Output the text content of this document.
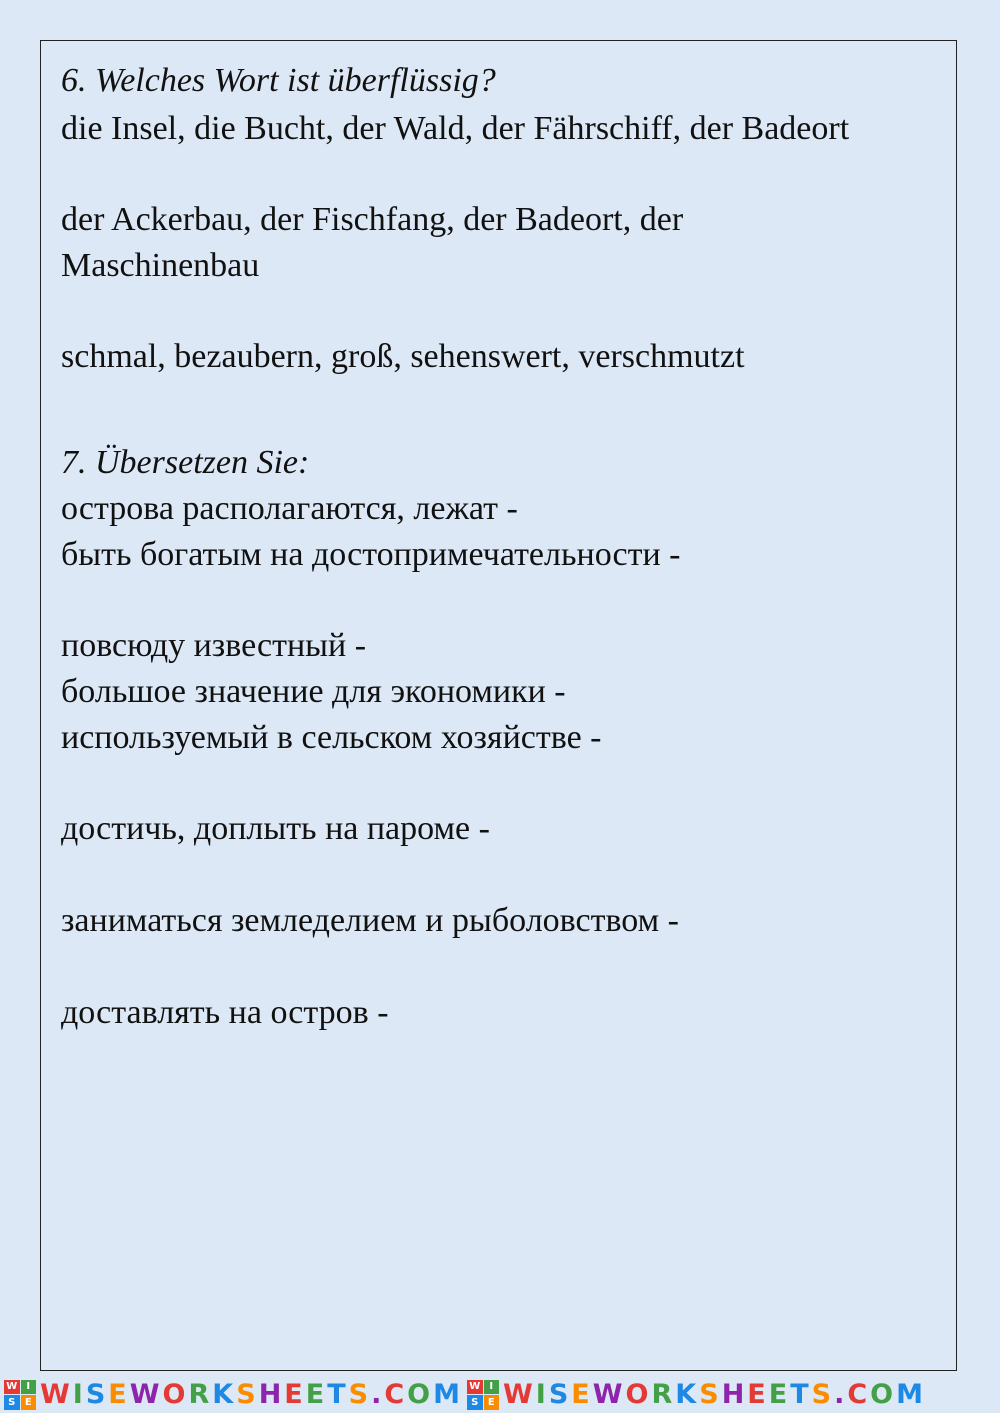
6. Welches Wort ist überflüssig?

die Insel, die Bucht, der Wald, der Fährschiff, der Badeort

der Ackerbau, der Fischfang, der Badeort, der

Maschinenbau

schmal, bezaubern, groß, sehenswert, verschmutzt

7. Übersetzen Sie:

острова располагаются, лежат -

быть богатым на достопримечательности -

повсюду известный -

большое значение для экономики -

используемый в сельском хозяйстве -

достичь, доплыть на пароме -

заниматься земледелием и рыболовством -

доставлять на остров -

W I
S E WISEWORKSHEETS.COM W I
S E WISEWORKSHEETS.COM
